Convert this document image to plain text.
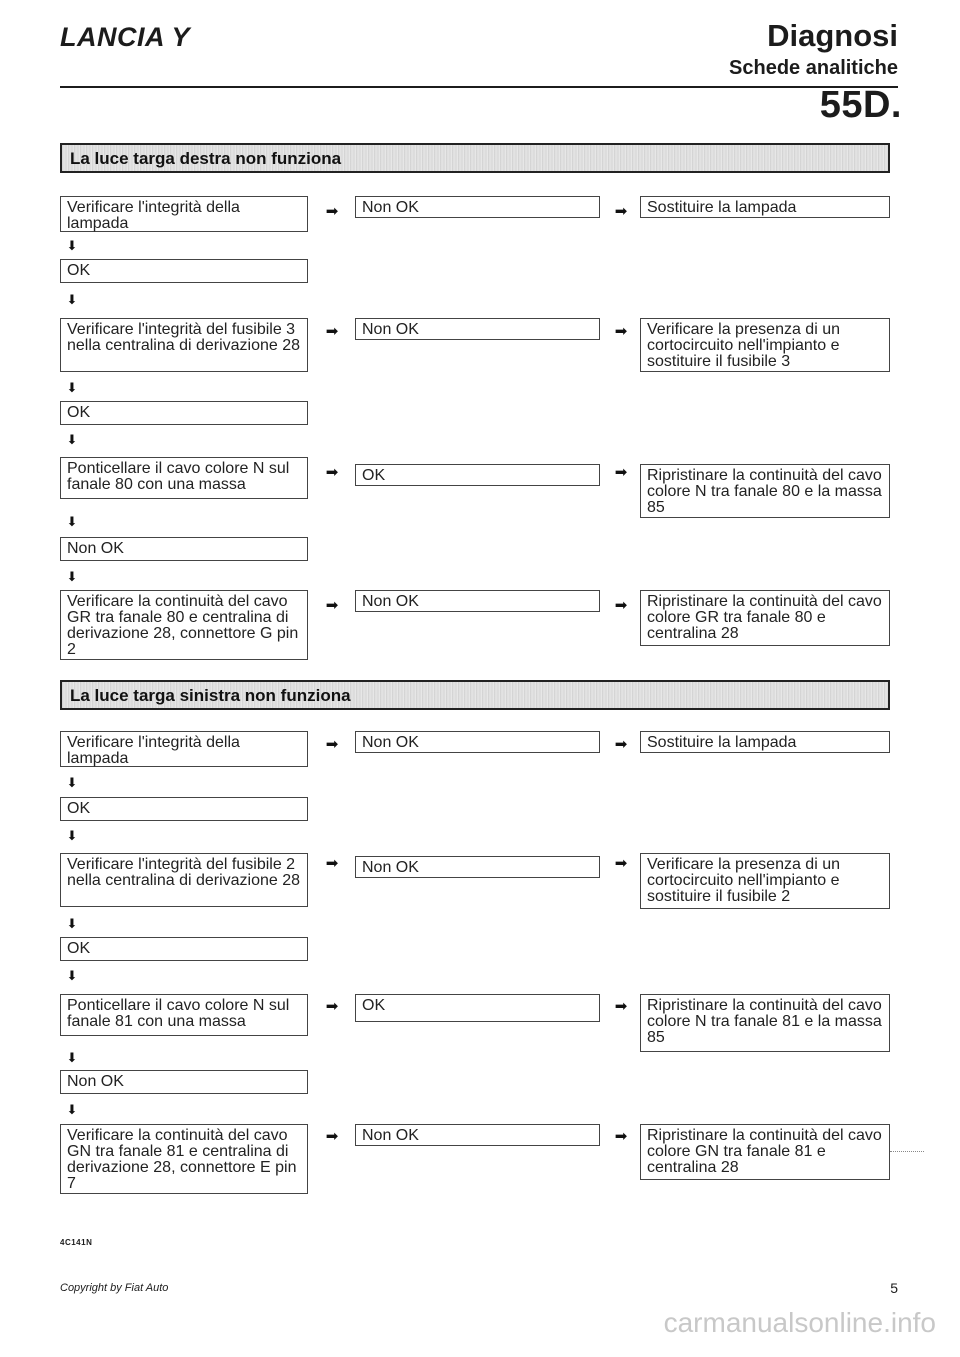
LANCIA Y	Diagnosi
Schede analitiche
55D.
La luce targa destra non funziona
Verificare l'integrità della lampada
➡	Non OK	➡	Sostituire la lampada
⬇
OK
⬇
Verificare l'integrità del fusibile 3 nella centralina di derivazione 28
➡	Non OK	➡	Verificare la presenza di un cortocircuito nell'impianto e sostituire il fusibile 3
⬇
OK
⬇
Ponticellare il cavo colore N sul fanale 80 con una massa
➡	OK	➡	Ripristinare la continuità del cavo colore N tra fanale 80 e la massa 85
⬇
Non OK
⬇
Verificare la continuità del cavo GR tra fanale 80 e centralina di derivazione 28, connettore G pin 2
➡	Non OK	➡	Ripristinare la continuità del cavo colore GR tra fanale 80 e centralina 28
La luce targa sinistra non funziona
Verificare l'integrità della lampada
➡	Non OK	➡	Sostituire la lampada
⬇
OK
⬇
Verificare l'integrità del fusibile 2 nella centralina di derivazione 28
➡	Non OK	➡	Verificare la presenza di un cortocircuito nell'impianto e sostituire il fusibile 2
⬇
OK
⬇
Ponticellare il cavo colore N sul fanale 81 con una massa
➡	OK	➡	Ripristinare la continuità del cavo colore N tra fanale 81 e la massa 85
⬇
Non OK
⬇
Verificare la continuità del cavo GN tra fanale 81 e centralina di derivazione 28, connettore E pin 7
➡	Non OK	➡	Ripristinare la continuità del cavo colore GN tra fanale 81 e centralina 28
4C141N
Copyright by Fiat Auto	5
carmanualsonline.info
